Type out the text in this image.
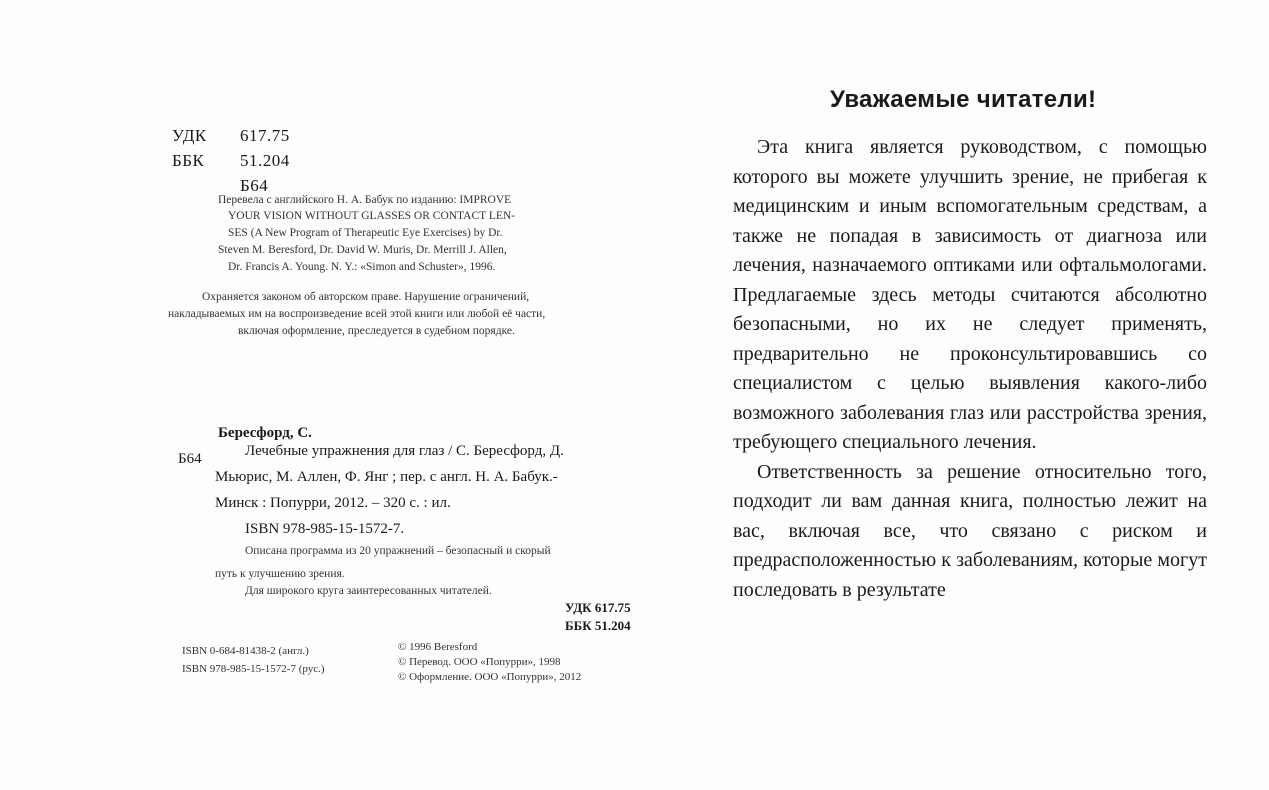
УДК 617.75
ББК 51.204
Б64
Перевела с английского Н. А. Бабук по изданию: IMPROVE
YOUR VISION WITHOUT GLASSES OR CONTACT LEN-
SES (A New Program of Therapeutic Eye Exercises) by Dr.
Steven M. Beresford, Dr. David W. Muris, Dr. Merrill J. Allen,
Dr. Francis A. Young. N. Y.: «Simon and Schuster», 1996.
Охраняется законом об авторском праве. Нарушение ограничений,
накладываемых им на воспроизведение всей этой книги или любой её части,
включая оформление, преследуется в судебном порядке.
Бересфорд, С.
Б64	Лечебные упражнения для глаз / С. Бересфорд, Д.
Мьюрис, М. Аллен, Ф. Янг ; пер. с англ. Н. А. Бабук.-
Минск : Попурри, 2012. – 320 с. : ил.
ISBN 978-985-15-1572-7.
Описана программа из 20 упражнений – безопасный и скорый
путь к улучшению зрения.
Для широкого круга заинтересованных читателей.
УДК 617.75
ББК 51.204
ISBN 0-684-81438-2 (англ.)
ISBN 978-985-15-1572-7 (рус.)
© 1996 Beresford
© Перевод. ООО «Попурри», 1998
© Оформление. ООО «Попурри», 2012
Уважаемые читатели!

Эта книга является руководством, с помощью которого вы можете улучшить зрение, не прибегая к медицинским и иным вспомогательным средствам, а также не попадая в зависимость от диагноза или лечения, назначаемого оптиками или офтальмологами. Предлагаемые здесь методы считаются абсолютно безопасными, но их не следует применять, предварительно не проконсультировавшись со специалистом с целью выявления какого-либо возможного заболевания глаз или расстройства зрения, требующего специального лечения.

Ответственность за решение относительно того, подходит ли вам данная книга, полностью лежит на вас, включая все, что связано с риском и предрасположенностью к заболеваниям, которые могут последовать в результате
